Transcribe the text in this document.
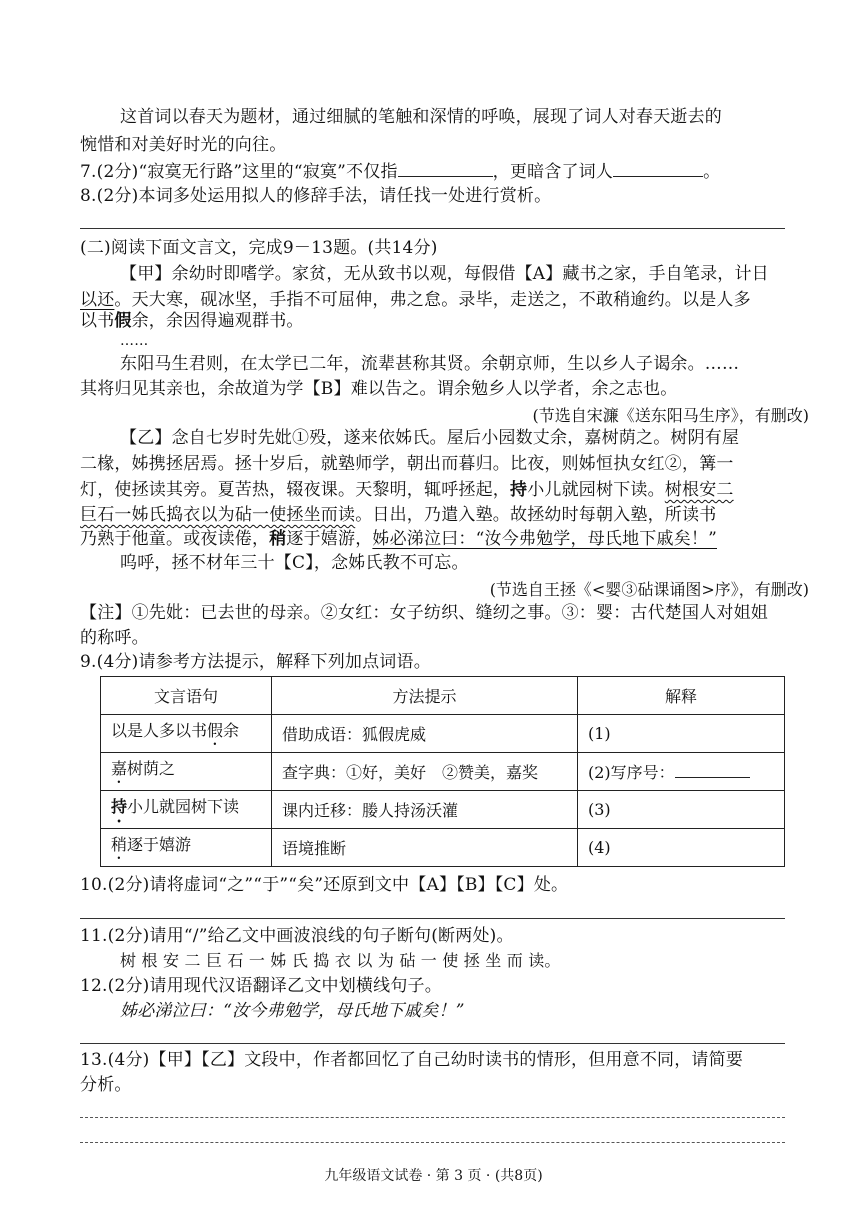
这首词以春天为题材，通过细腻的笔触和深情的呼唤，展现了词人对春天逝去的
惋惜和对美好时光的向往。
7.(2分)“寂寞无行路”这里的“寂寞”不仅指	，更暗含了词人	。
8.(2分)本词多处运用拟人的修辞手法，请任找一处进行赏析。
(二)阅读下面文言文，完成9－13题。(共14分)
【甲】余幼时即嗜学。家贫，无从致书以观，每假借【A】藏书之家，手自笔录，计日
以还。天大寒，砚冰坚，手指不可屈伸，弗之怠。录毕，走送之，不敢稍逾约。以是人多
以书假余，余因得遍观群书。
……
东阳马生君则，在太学已二年，流辈甚称其贤。余朝京师，生以乡人子谒余。……
其将归见其亲也，余故道为学【B】难以告之。谓余勉乡人以学者，余之志也。
(节选自宋濂《送东阳马生序》，有删改)
【乙】念自七岁时先妣①殁，遂来依姊氏。屋后小园数丈余，嘉树荫之。树阴有屋
二椽，姊携拯居焉。拯十岁后，就塾师学，朝出而暮归。比夜，则姊恒执女红②，篝一
灯，使拯读其旁。夏苦热，辍夜课。天黎明，辄呼拯起，持小儿就园树下读。树根安二
巨石一姊氏捣衣以为砧一使拯坐而读。日出，乃遣入塾。故拯幼时每朝入塾，所读书
乃熟于他童。或夜读倦，稍逐于嬉游，姊必涕泣曰：“汝今弗勉学，母氏地下戚矣！”
呜呼，拯不材年三十【C】，念姊氏教不可忘。
(节选自王拯《<婴③砧课诵图>序》，有删改)
【注】①先妣：已去世的母亲。②女红：女子纺织、缝纫之事。③：婴：古代楚国人对姐姐
的称呼。
9.(4分)请参考方法提示，解释下列加点词语。
文言语句	方法提示	解释
以是人多以书假余	借助成语：狐假虎威	(1)
嘉树荫之	查字典：①好，美好　②赞美，嘉奖	(2)写序号：
持小儿就园树下读	课内迁移：媵人持汤沃灌	(3)
稍逐于嬉游	语境推断	(4)
10.(2分)请将虚词“之”“于”“矣”还原到文中【A】【B】【C】处。
11.(2分)请用“/”给乙文中画波浪线的句子断句(断两处)。
树 根 安 二 巨 石 一 姊 氏 捣 衣 以 为 砧 一 使 拯 坐 而 读。
12.(2分)请用现代汉语翻译乙文中划横线句子。
姊必涕泣曰：“汝今弗勉学，母氏地下戚矣！”
13.(4分)【甲】【乙】文段中，作者都回忆了自己幼时读书的情形，但用意不同，请简要
分析。
九年级语文试卷 · 第 3 页 · (共8页)
